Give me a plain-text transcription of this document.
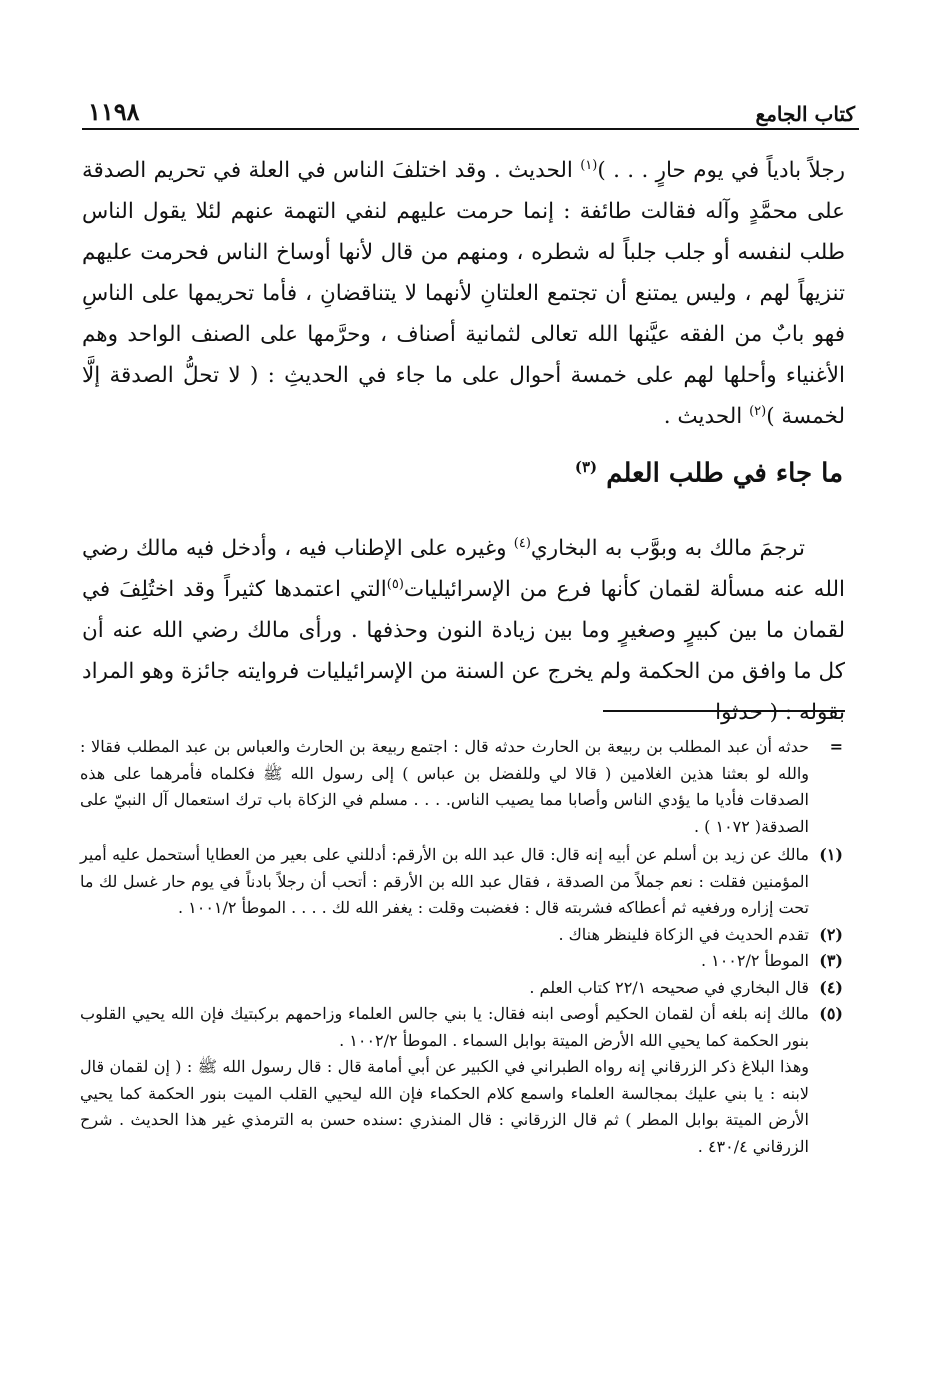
كتاب الجامع
١١٩٨
رجلاً بادياً في يوم حارٍ . . . )$^{(١)}$ الحديث . وقد اختلفَ الناس في العلة في تحريم الصدقة على محمَّدٍ وآله فقالت طائفة : إنما حرمت عليهم لنفي التهمة عنهم لئلا يقول الناس طلب لنفسه أو جلب جلباً له شطره ، ومنهم من قال لأنها أوساخ الناس فحرمت عليهم تنزيهاً لهم ، وليس يمتنع أن تجتمع العلتانِ لأنهما لا يتناقضانِ ، فأما تحريمها على الناسِ فهو بابٌ من الفقه عيَّنها الله تعالى لثمانية أصناف ، وحرَّمها على الصنف الواحد وهم الأغنياء وأحلها لهم على خمسة أحوال على ما جاء في الحديثِ : ( لا تحلُّ الصدقة إلَّا لخمسة )$^{(٢)}$ الحديث .
ما جاء في طلب العلم $^{(٣)}$
ترجمَ مالك به وبوَّب به البخاري$^{(٤)}$ وغيره على الإطناب فيه ، وأدخل فيه مالك رضي الله عنه مسألة لقمان كأنها فرع من الإسرائيليات$^{(٥)}$التي اعتمدها كثيراً وقد اختُلِفَ في لقمان ما بين كبيرٍ وصغيرٍ وما بين زيادة النون وحذفها . ورأى مالك رضي الله عنه أن كل ما وافق من الحكمة ولم يخرج عن السنة من الإسرائيليات فروايته جائزة وهو المراد بقوله : ( حدثوا
=
حدثه أن عبد المطلب بن ربيعة بن الحارث حدثه قال : اجتمع ربيعة بن الحارث والعباس بن عبد المطلب فقالا : والله لو بعثنا هذين الغلامين ( قالا لي وللفضل بن عباس ) إلى رسول الله ﷺ فكلماه فأمرهما على هذه الصدقات فأديا ما يؤدي الناس وأصابا مما يصيب الناس. . . . مسلم في الزكاة باب ترك استعمال آل النبيّ على الصدقة( ١٠٧٢ ) .
(١)
مالك عن زيد بن أسلم عن أبيه إنه قال: قال عبد الله بن الأرقم: أدللني على بعير من العطايا أستحمل عليه أمير المؤمنين فقلت : نعم جملاً من الصدقة ، فقال عبد الله بن الأرقم : أتحب أن رجلاً بادناً في يوم حار غسل لك ما تحت إزاره ورفغيه ثم أعطاكه فشربته قال : فغضبت وقلت : يغفر الله لك . . . . الموطأ ١٠٠١/٢ .
(٢)
تقدم الحديث في الزكاة فلينظر هناك .
(٣)
الموطأ ١٠٠٢/٢ .
(٤)
قال البخاري في صحيحه ٢٢/١ كتاب العلم .
(٥)
مالك إنه بلغه أن لقمان الحكيم أوصى ابنه فقال: يا بني جالس العلماء وزاحمهم بركبتيك فإن الله يحيي القلوب بنور الحكمة كما يحيي الله الأرض الميتة بوابل السماء . الموطأ ١٠٠٢/٢ .

وهذا البلاغ ذكر الزرقاني إنه رواه الطبراني في الكبير عن أبي أمامة قال : قال رسول الله ﷺ : ( إن لقمان قال لابنه : يا بني عليك بمجالسة العلماء واسمع كلام الحكماء فإن الله ليحيي القلب الميت بنور الحكمة كما يحيي الأرض الميتة بوابل المطر ) ثم قال الزرقاني : قال المنذري :سنده حسن به الترمذي غير هذا الحديث . شرح الزرقاني ٤٣٠/٤ .
